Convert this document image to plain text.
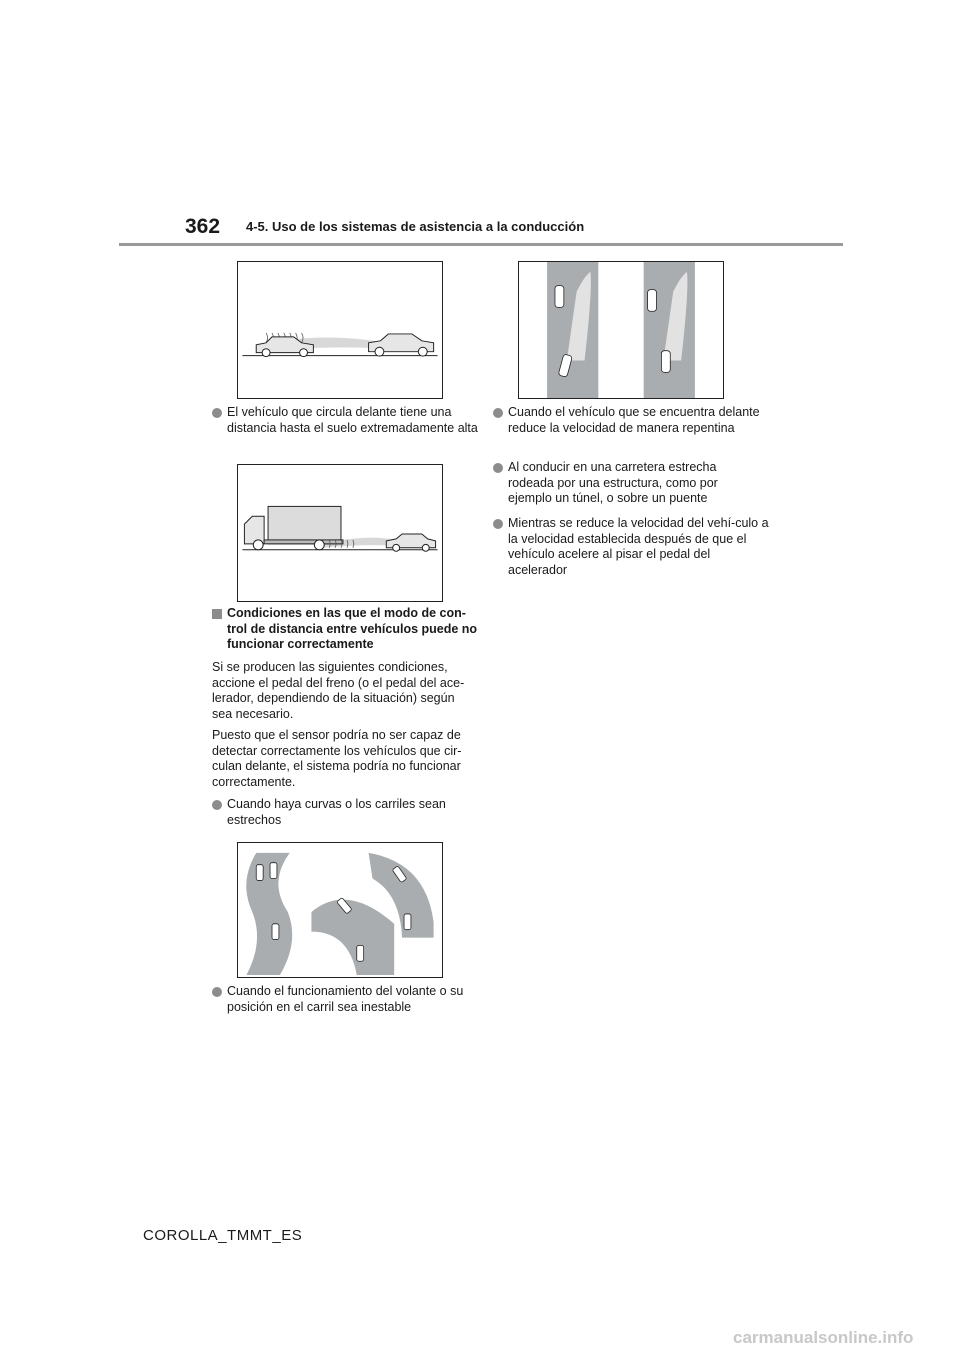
362 4-5. Uso de los sistemas de asistencia a la conducción
El vehículo que circula delante tiene una distancia hasta el suelo extremadamente alta
Condiciones en las que el modo de con-trol de distancia entre vehículos puede no funcionar correctamente
Si se producen las siguientes condiciones, accione el pedal del freno (o el pedal del ace-lerador, dependiendo de la situación) según sea necesario.
Puesto que el sensor podría no ser capaz de detectar correctamente los vehículos que cir-culan delante, el sistema podría no funcionar correctamente.
Cuando haya curvas o los carriles sean estrechos
Cuando el funcionamiento del volante o su posición en el carril sea inestable
Cuando el vehículo que se encuentra delante reduce la velocidad de manera repentina
Al conducir en una carretera estrecha rodeada por una estructura, como por ejemplo un túnel, o sobre un puente
Mientras se reduce la velocidad del vehí-culo a la velocidad establecida después de que el vehículo acelere al pisar el pedal del acelerador
COROLLA_TMMT_ES
carmanualsonline.info
